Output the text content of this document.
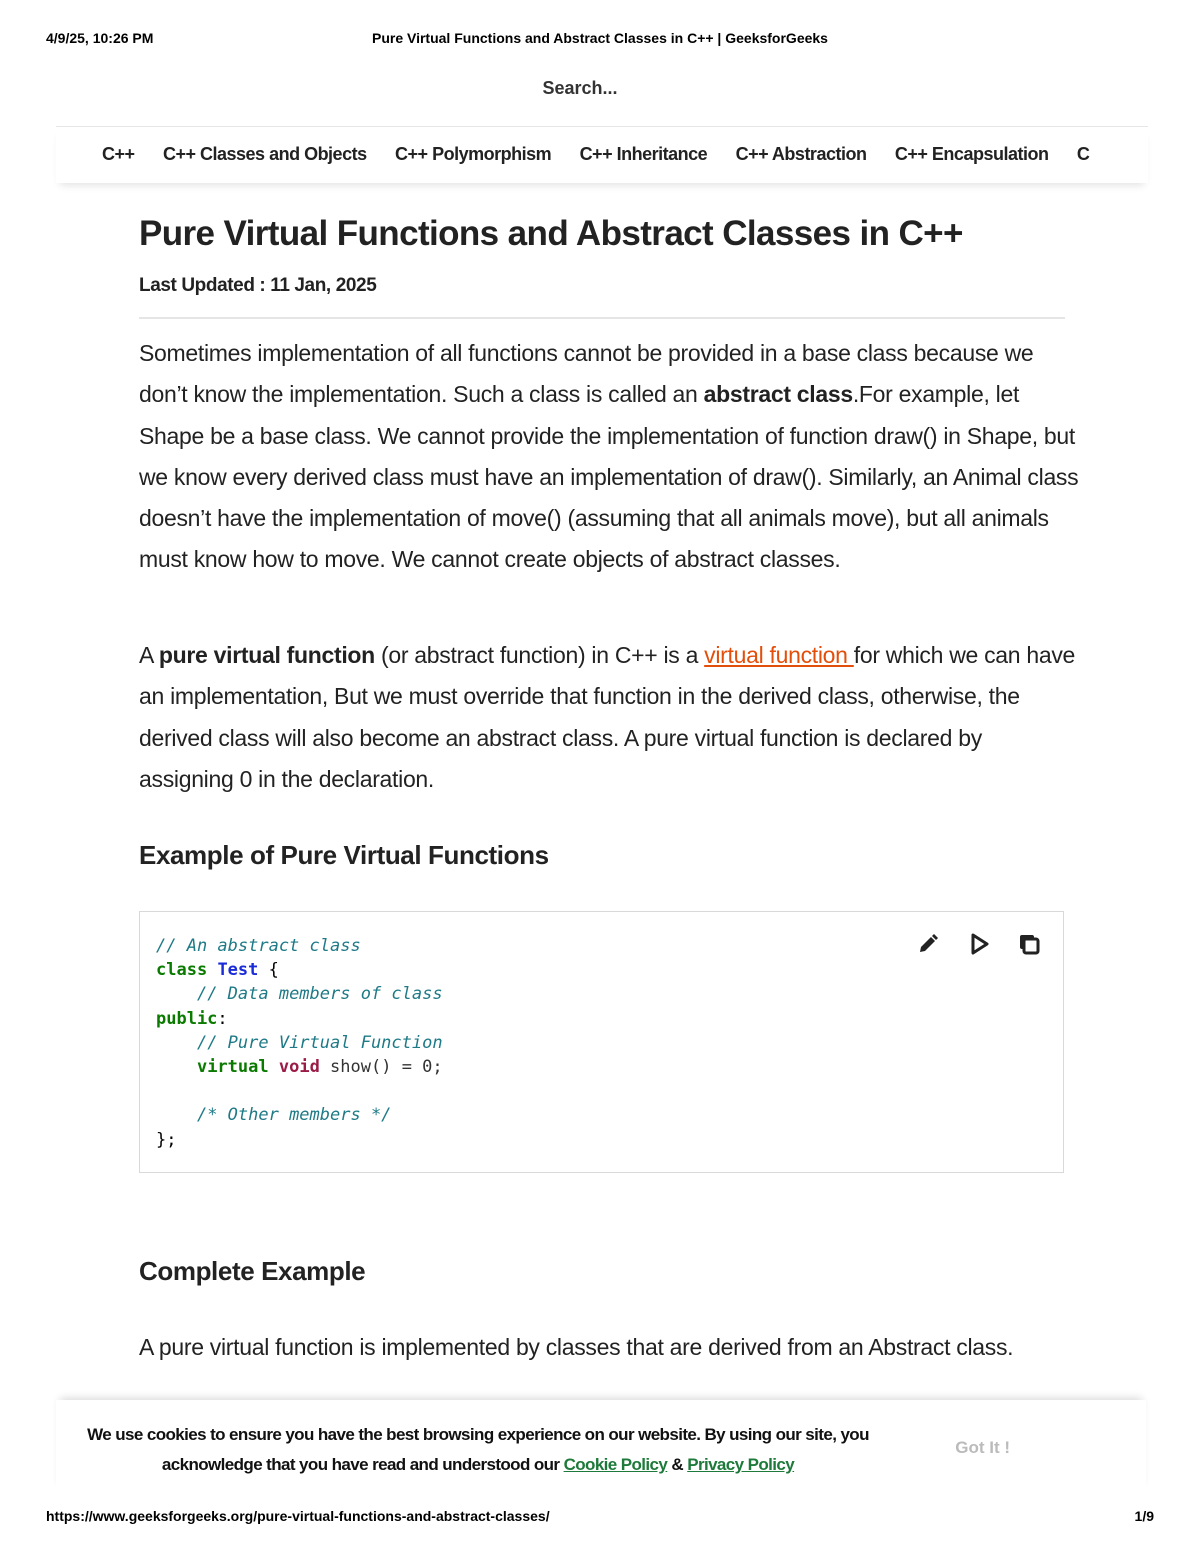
4/9/25, 10:26 PM	Pure Virtual Functions and Abstract Classes in C++ | GeeksforGeeks
Search...
C++ C++ Classes and Objects C++ Polymorphism C++ Inheritance C++ Abstraction C++ Encapsulation C
Pure Virtual Functions and Abstract Classes in C++
Last Updated : 11 Jan, 2025

Sometimes implementation of all functions cannot be provided in a base class because we don’t know the implementation. Such a class is called an abstract class.For example, let Shape be a base class. We cannot provide the implementation of function draw() in Shape, but we know every derived class must have an implementation of draw(). Similarly, an Animal class doesn’t have the implementation of move() (assuming that all animals move), but all animals must know how to move. We cannot create objects of abstract classes.

A pure virtual function (or abstract function) in C++ is a virtual function for which we can have an implementation, But we must override that function in the derived class, otherwise, the derived class will also become an abstract class. A pure virtual function is declared by assigning 0 in the declaration.

Example of Pure Virtual Functions

// An abstract class
class Test {
// Data members of class
public:
// Pure Virtual Function
virtual void show() = 0;

/* Other members */
};
Complete Example

A pure virtual function is implemented by classes that are derived from an Abstract class.

We use cookies to ensure you have the best browsing experience on our website. By using our site, you acknowledge that you have read and understood our Cookie Policy & Privacy Policy
Got It !
https://www.geeksforgeeks.org/pure-virtual-functions-and-abstract-classes/	1/9
